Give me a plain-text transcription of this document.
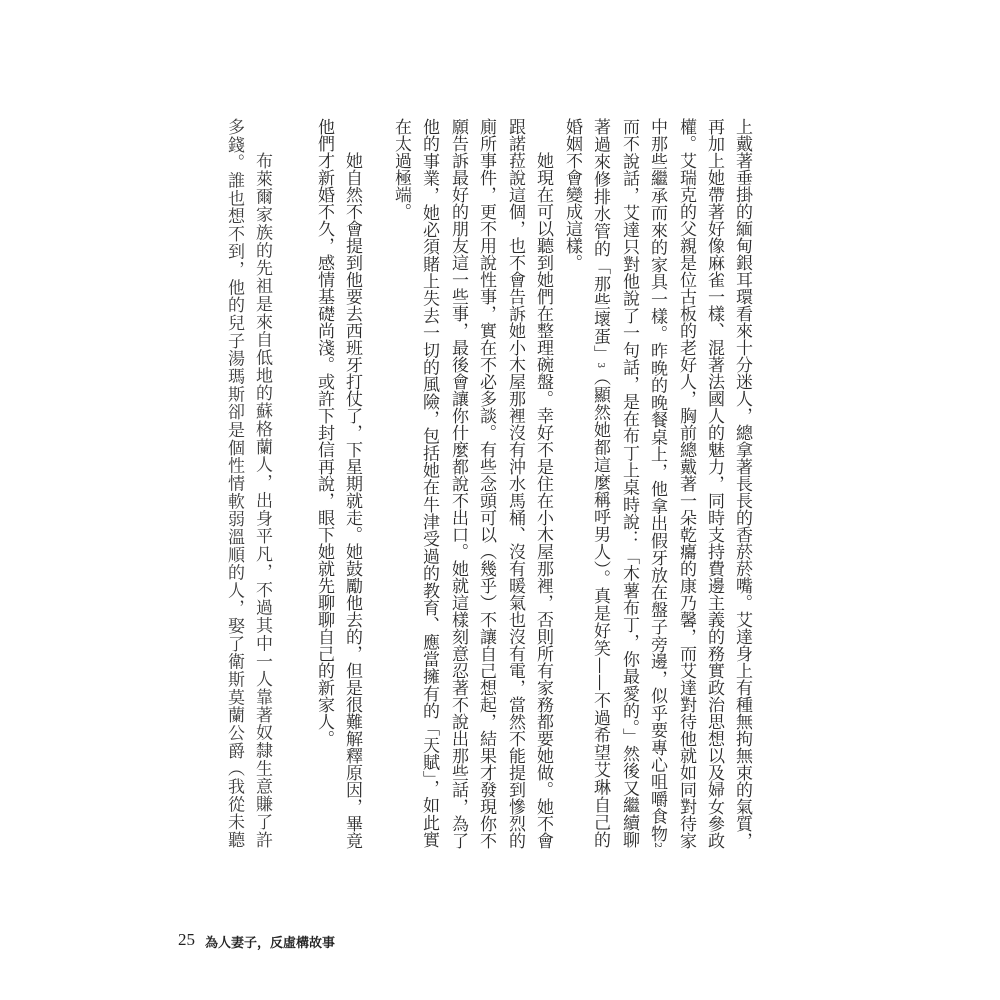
上戴著垂掛的緬甸銀耳環看來十分迷人，總拿著長長的香菸菸嘴。艾達身上有種無拘無束的氣質，
再加上她帶著好像麻雀一樣、混著法國人的魅力，同時支持費邊主義的務實政治思想以及婦女參政
權。艾瑞克的父親是位古板的老好人，胸前總戴著一朵乾癟的康乃馨，而艾達對待他就如同對待家
中那些繼承而來的家具一樣。昨晚的晚餐桌上，他拿出假牙放在盤子旁邊，似乎要專心咀嚼食物2
而不說話，艾達只對他說了一句話，是在布丁上桌時說：「木薯布丁，你最愛的。」然後又繼續聊
著過來修排水管的「那些壞蛋」3（顯然她都這麼稱呼男人）。真是好笑——不過希望艾琳自己的
婚姻不會變成這樣。
她現在可以聽到她們在整理碗盤。幸好不是住在小木屋那裡，否則所有家務都要她做。她不會
跟諾菈說這個，也不會告訴她小木屋那裡沒有沖水馬桶、沒有暖氣也沒有電，當然不能提到慘烈的
廁所事件，更不用說性事，實在不必多談。有些念頭可以（幾乎）不讓自己想起，結果才發現你不
願告訴最好的朋友這一些事，最後會讓你什麼都說不出口。她就這樣刻意忍著不說出那些話，為了
他的事業，她必須賭上失去一切的風險，包括她在牛津受過的教育、應當擁有的「天賦」，如此實
在太過極端。
她自然不會提到他要去西班牙打仗了，下星期就走。她鼓勵他去的，但是很難解釋原因，畢竟
他們才新婚不久，感情基礎尚淺。或許下封信再說，眼下她就先聊聊自己的新家人。
布萊爾家族的先祖是來自低地的蘇格蘭人，出身平凡，不過其中一人靠著奴隸生意賺了許
多錢。誰也想不到，他的兒子湯瑪斯卻是個性情軟弱溫順的人，娶了衛斯莫蘭公爵（我從未聽
25 為人妻子，反虛構故事
